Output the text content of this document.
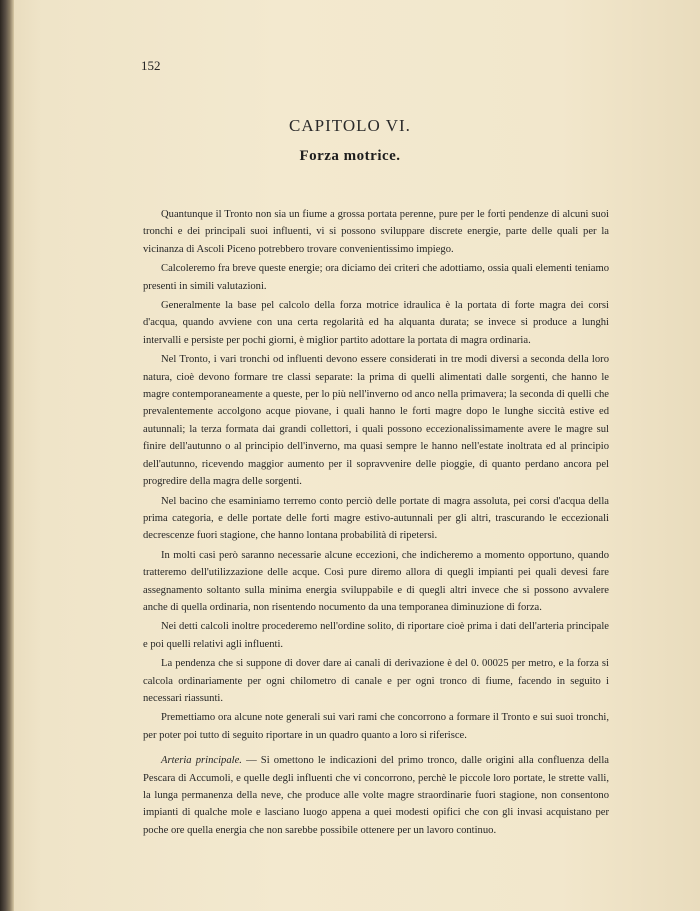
152
CAPITOLO VI.
Forza motrice.

Quantunque il Tronto non sia un fiume a grossa portata perenne, pure per le forti pendenze di alcuni suoi tronchi e dei principali suoi influenti, vi si possono sviluppare discrete energie, parte delle quali per la vicinanza di Ascoli Piceno potrebbero trovare convenientissimo impiego.

Calcoleremo fra breve queste energie; ora diciamo dei criteri che adottiamo, ossia quali elementi teniamo presenti in simili valutazioni.

Generalmente la base pel calcolo della forza motrice idraulica è la portata di forte magra dei corsi d'acqua, quando avviene con una certa regolarità ed ha alquanta durata; se invece si produce a lunghi intervalli e persiste per pochi giorni, è miglior partito adottare la portata di magra ordinaria.

Nel Tronto, i vari tronchi od influenti devono essere considerati in tre modi diversi a seconda della loro natura, cioè devono formare tre classi separate: la prima di quelli alimentati dalle sorgenti, che hanno le magre contemporaneamente a queste, per lo più nell'inverno od anco nella primavera; la seconda di quelli che prevalentemente accolgono acque piovane, i quali hanno le forti magre dopo le lunghe siccità estive ed autunnali; la terza formata dai grandi collettori, i quali possono eccezionalissimamente avere le magre sul finire dell'autunno o al principio dell'inverno, ma quasi sempre le hanno nell'estate inoltrata ed al principio dell'autunno, ricevendo maggior aumento per il sopravvenire delle pioggie, di quanto perdano ancora pel progredire della magra delle sorgenti.

Nel bacino che esaminiamo terremo conto perciò delle portate di magra assoluta, pei corsi d'acqua della prima categoria, e delle portate delle forti magre estivo-autunnali per gli altri, trascurando le eccezionali decrescenze fuori stagione, che hanno lontana probabilità di ripetersi.

In molti casi però saranno necessarie alcune eccezioni, che indicheremo a momento opportuno, quando tratteremo dell'utilizzazione delle acque. Così pure diremo allora di quegli impianti pei quali devesi fare assegnamento soltanto sulla minima energia sviluppabile e di quegli altri invece che si possono avvalere anche di quella ordinaria, non risentendo nocumento da una temporanea diminuzione di forza.

Nei detti calcoli inoltre procederemo nell'ordine solito, di riportare cioè prima i dati dell'arteria principale e poi quelli relativi agli influenti.

La pendenza che si suppone di dover dare ai canali di derivazione è del 0. 00025 per metro, e la forza si calcola ordinariamente per ogni chilometro di canale e per ogni tronco di fiume, facendo in seguito i necessari riassunti.

Premettiamo ora alcune note generali sui vari rami che concorrono a formare il Tronto e sui suoi tronchi, per poter poi tutto di seguito riportare in un quadro quanto a loro si riferisce.

Arteria principale. — Si omettono le indicazioni del primo tronco, dalle origini alla confluenza della Pescara di Accumoli, e quelle degli influenti che vi concorrono, perchè le piccole loro portate, le strette valli, la lunga permanenza della neve, che produce alle volte magre straordinarie fuori stagione, non consentono impianti di qualche mole e lasciano luogo appena a quei modesti opifici che con gli invasi acquistano per poche ore quella energia che non sarebbe possibile ottenere per un lavoro continuo.
